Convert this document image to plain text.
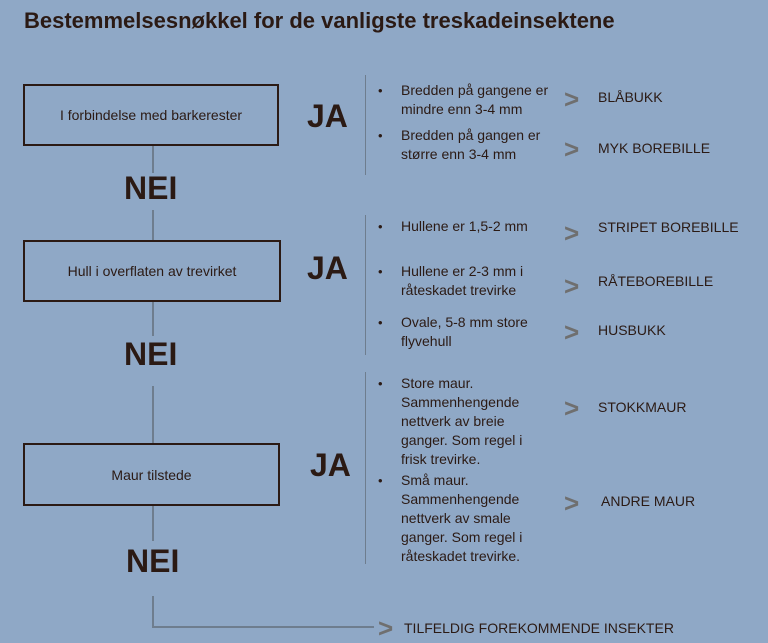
Bestemmelsesnøkkel for de vanligste treskadeinsektene
I forbindelse med barkerester JA
NEI
• Bredden på gangene er mindre enn 3-4 mm	> BLÅBUKK
• Bredden på gangen er større enn 3-4 mm	> MYK BOREBILLE
Hull i overflaten av trevirket JA
NEI
• Hullene er 1,5-2 mm	> STRIPET BOREBILLE
• Hullene er 2-3 mm i råteskadet trevirke	> RÅTEBOREBILLE
• Ovale, 5-8 mm store flyvehull	> HUSBUKK
Maur tilstede	JA
NEI
• Store maur. Sammenhengende nettverk av breie ganger. Som regel i frisk trevirke.
> STOKKMAUR
• Små maur. Sammenhengende nettverk av smale ganger. Som regel i råteskadet trevirke.
> ANDRE MAUR
> TILFELDIG FOREKOMMENDE INSEKTER
